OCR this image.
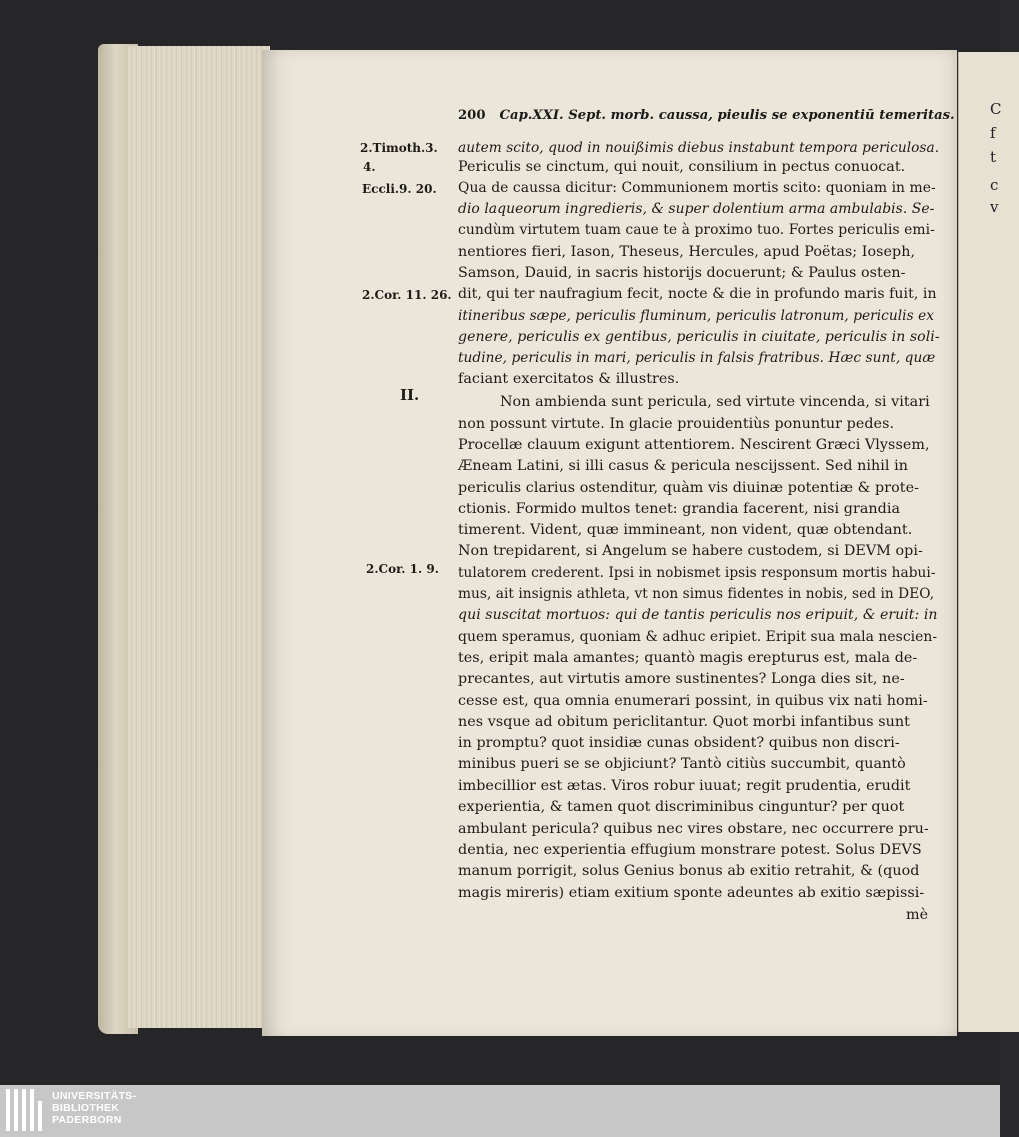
C
f
t
c
v
200 Cap.XXI. Sept. morb. caussa, pieulis se exponentiū temeritas.
2.Timoth.3.
4.
Eccli.9. 20.
2.Cor. 11. 26.
2.Cor. 1. 9.
II.
autem scito, quod in nouißimis diebus instabunt tempora periculosa.
Periculis se cinctum, qui nouit, consilium in pectus conuocat.
Qua de caussa dicitur: Communionem mortis scito: quoniam in me-
dio laqueorum ingredieris, & super dolentium arma ambulabis. Se-
cundùm virtutem tuam caue te à proximo tuo. Fortes periculis emi-
nentiores fieri, Iason, Theseus, Hercules, apud Poëtas; Ioseph,
Samson, Dauid, in sacris historijs docuerunt; & Paulus osten-
dit, qui ter naufragium fecit, nocte & die in profundo maris fuit, in
itineribus sæpe, periculis fluminum, periculis latronum, periculis ex
genere, periculis ex gentibus, periculis in ciuitate, periculis in soli-
tudine, periculis in mari, periculis in falsis fratribus. Hæc sunt, quæ
faciant exercitatos & illustres.
Non ambienda sunt pericula, sed virtute vincenda, si vitari
non possunt virtute. In glacie prouidentiùs ponuntur pedes.
Procellæ clauum exigunt attentiorem. Nescirent Græci Vlyssem,
Æneam Latini, si illi casus & pericula nescijssent. Sed nihil in
periculis clarius ostenditur, quàm vis diuinæ potentiæ & prote-
ctionis. Formido multos tenet: grandia facerent, nisi grandia
timerent. Vident, quæ immineant, non vident, quæ obtendant.
Non trepidarent, si Angelum se habere custodem, si DEVM opi-
tulatorem crederent. Ipsi in nobismet ipsis responsum mortis habui-
mus, ait insignis athleta, vt non simus fidentes in nobis, sed in DEO,
qui suscitat mortuos: qui de tantis periculis nos eripuit, & eruit: in
quem speramus, quoniam & adhuc eripiet. Eripit sua mala nescien-
tes, eripit mala amantes; quantò magis erepturus est, mala de-
precantes, aut virtutis amore sustinentes? Longa dies sit, ne-
cesse est, qua omnia enumerari possint, in quibus vix nati homi-
nes vsque ad obitum periclitantur. Quot morbi infantibus sunt
in promptu? quot insidiæ cunas obsident? quibus non discri-
minibus pueri se se objiciunt? Tantò citiùs succumbit, quantò
imbecillior est ætas. Viros robur iuuat; regit prudentia, erudit
experientia, & tamen quot discriminibus cinguntur? per quot
ambulant pericula? quibus nec vires obstare, nec occurrere pru-
dentia, nec experientia effugium monstrare potest. Solus DEVS
manum porrigit, solus Genius bonus ab exitio retrahit, & (quod
magis mireris) etiam exitium sponte adeuntes ab exitio sæpissi-
mè
UNIVERSITÄTS-
BIBLIOTHEK
PADERBORN
